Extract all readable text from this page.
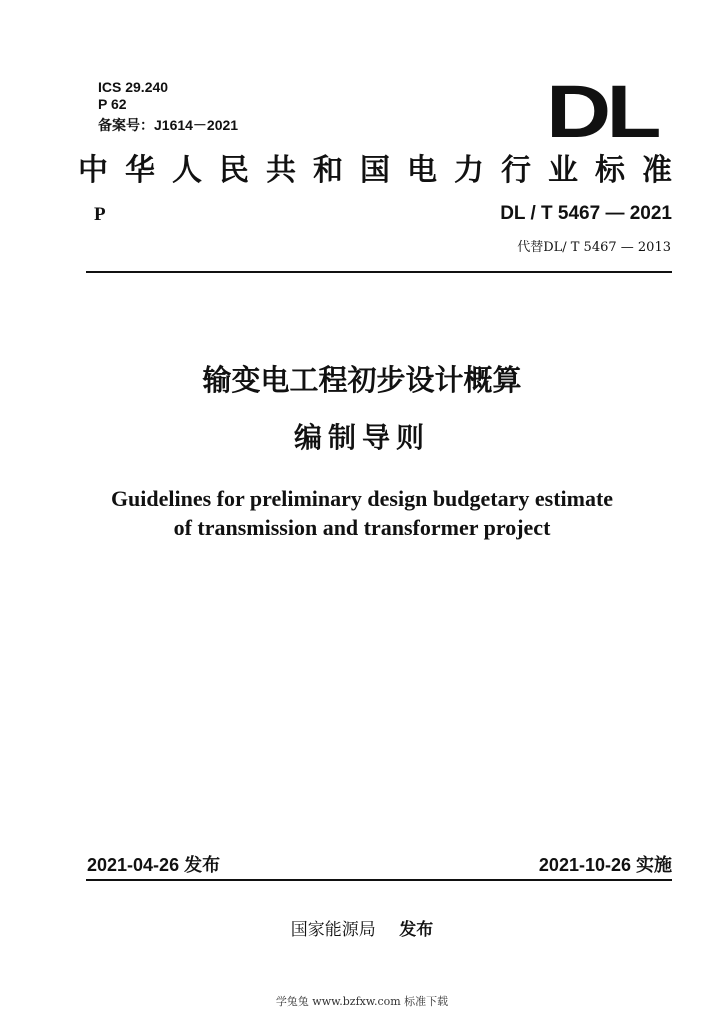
ICS 29.240
P 62
备案号：J1614－2021	DL
中 华 人 民 共 和 国 电 力 行 业 标 准
P	DL / T 5467 — 2021
代替DL/ T 5467 — 2013
输变电工程初步设计概算
编制导则
Guidelines for preliminary design budgetary estimate
of transmission and transformer project
2021-04-26 发布	2021-10-26 实施
国家能源局 发布
学兔兔 www.bzfxw.com 标准下载
